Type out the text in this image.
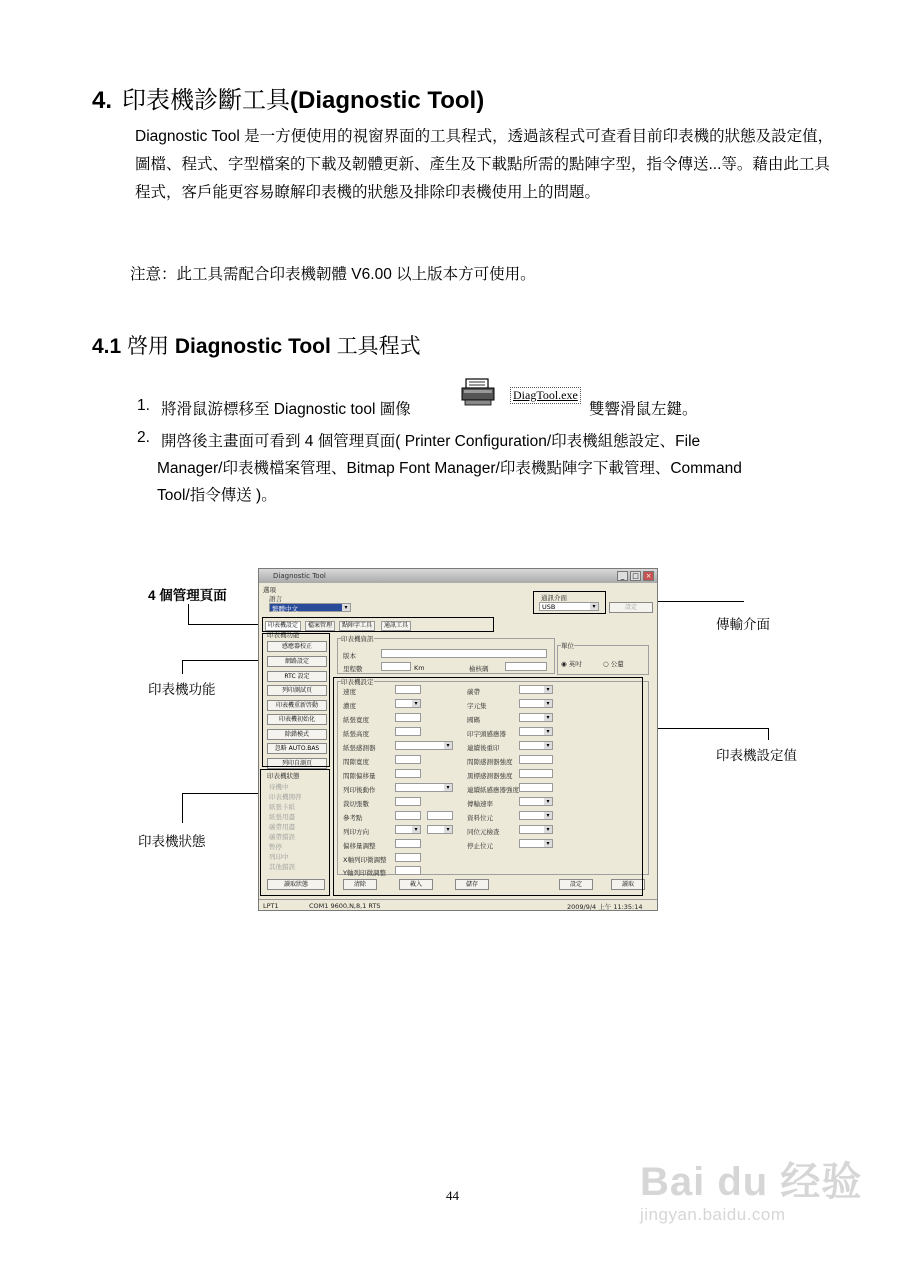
4. 印表機診斷工具(Diagnostic Tool)
Diagnostic Tool 是一方便使用的視窗界面的工具程式，透過該程式可查看目前印表機的狀態及設定值，圖檔、程式、字型檔案的下載及韌體更新、產生及下載點所需的點陣字型，指令傳送...等。藉由此工具程式，客戶能更容易瞭解印表機的狀態及排除印表機使用上的問題。
注意：此工具需配合印表機韌體 V6.00 以上版本方可使用。
4.1 啓用 Diagnostic Tool 工具程式
1. 將滑鼠游標移至 Diagnostic tool 圖像
DiagTool.exe
雙響滑鼠左鍵。
2. 開啓後主畫面可看到 4 個管理頁面( Printer Configuration/印表機組態設定、File
Manager/印表機檔案管理、Bitmap Font Manager/印表機點陣字下載管理、Command
Tool/指令傳送 )。
4 個管理頁面
印表機功能
印表機狀態
傳輸介面
印表機設定值
Diagnostic Tool	_	□ ×
選項
語言
繁體中文 ▾
通訊介面
USB ▾	設定
印表機設定	檔案管理	點陣字工具	通訊工具
印表機功能
感應器校正
網路設定
RTC 設定
列印測試頁
印表機重新啓動
印表機初始化
除錯模式
忽略 AUTO.BAS
列印自測頁
印表機狀態
待機中
印表機開啓
紙張卡紙
紙張用盡
碳帶用盡
碳帶錯誤
暫停
列印中
其他錯誤
讀取狀態
印表機資訊
版本
里程數	Km	檢核碼
單位
◉ 英吋	○ 公釐
印表機設定
速度
濃度
▾
紙張寬度
紙張高度
紙張感測器
▾
間隙寬度
間隙偏移量
列印後動作
▾
裁切張數
參考點
列印方向
▾
▾
偏移量調整
X軸列印微調整
Y軸列印微調整
碳帶
▾
字元集
▾
國碼
▾
印字頭感應器
▾
連續後重印
▾
間隙感測器強度
黑標感測器強度
連續紙感應器強度
傳輸速率
▾
資料位元
▾
同位元檢查
▾
停止位元
▾
清除	載入	儲存	設定	讀取
LPT1	COM1 9600,N,8,1 RTS	2009/9/4 上午 11:35:14
44	Bai du 经验
jingyan.baidu.com
